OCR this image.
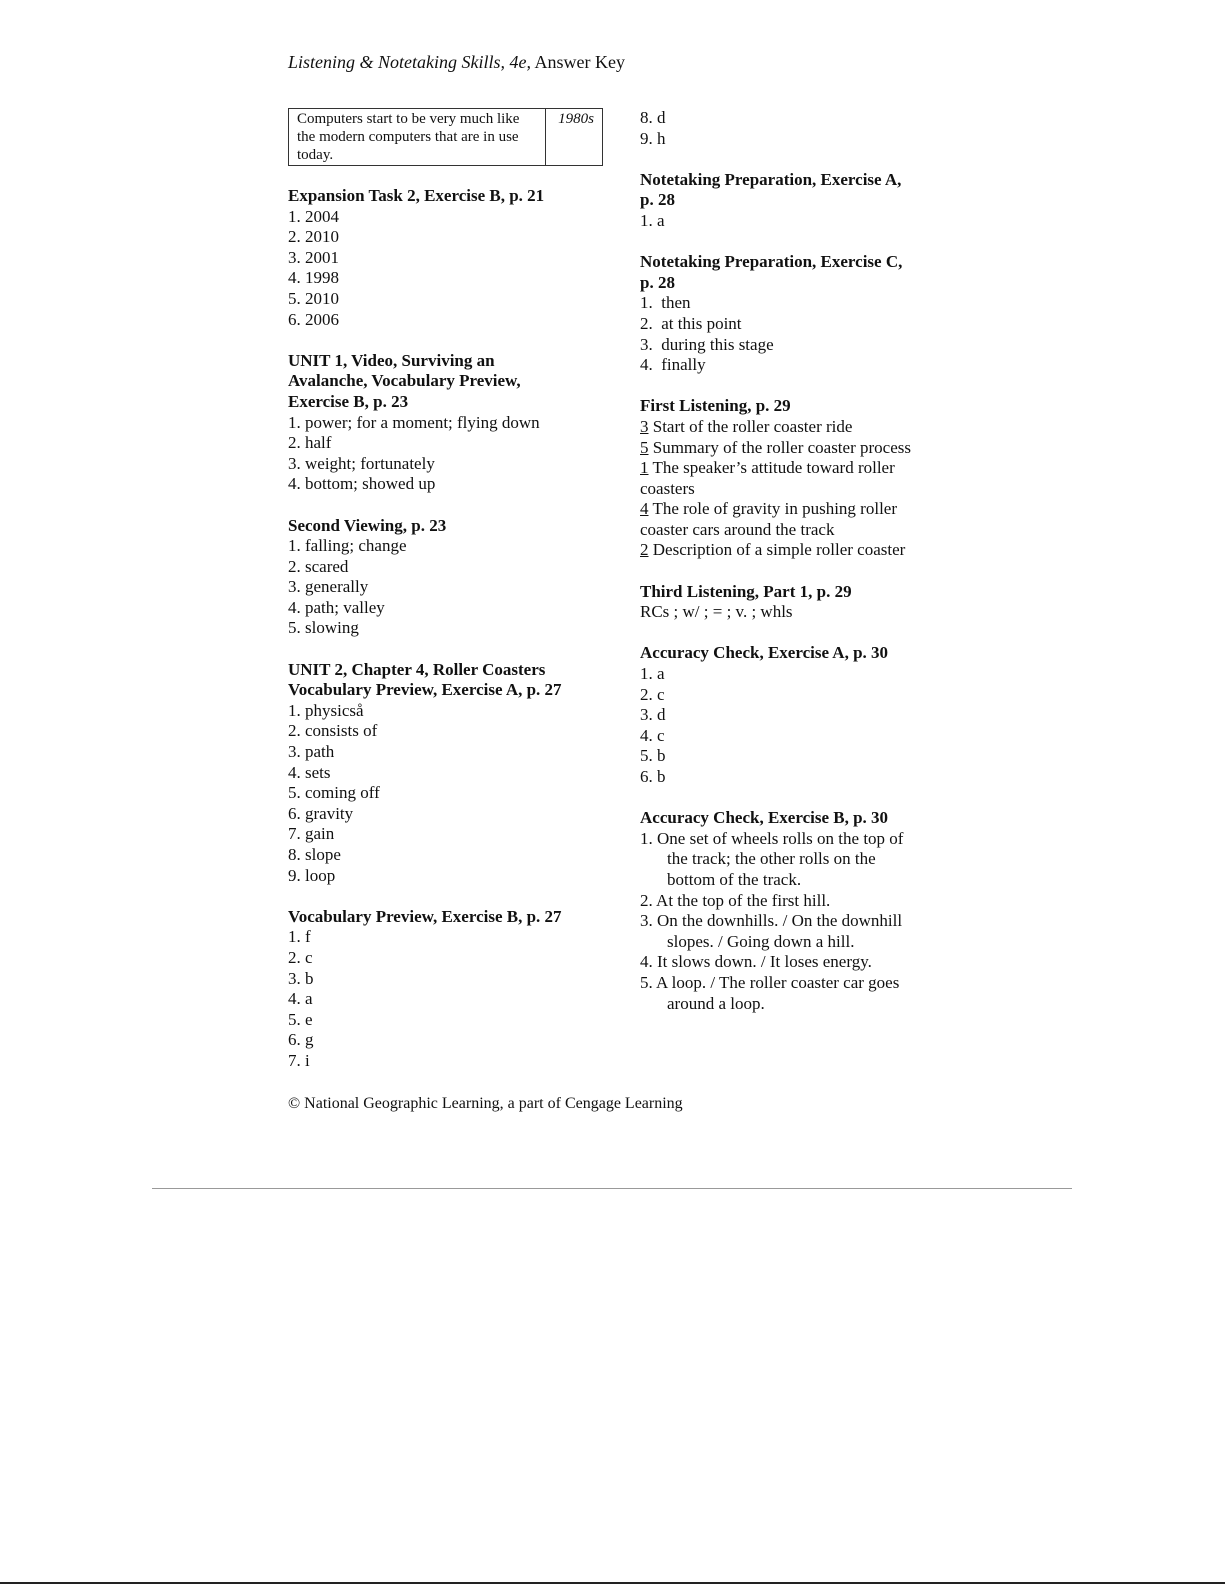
Listening & Notetaking Skills, 4e, Answer Key
Computers start to be very much like the modern computers that are in use today.	1980s
Expansion Task 2, Exercise B, p. 21
1. 2004
2. 2010
3. 2001
4. 1998
5. 2010
6. 2006
UNIT 1, Video, Surviving an
Avalanche, Vocabulary Preview,
Exercise B, p. 23
1. power; for a moment; flying down
2. half
3. weight; fortunately
4. bottom; showed up
Second Viewing, p. 23
1. falling; change
2. scared
3. generally
4. path; valley
5. slowing
UNIT 2, Chapter 4, Roller Coasters
Vocabulary Preview, Exercise A, p. 27
1. physicså
2. consists of
3. path
4. sets
5. coming off
6. gravity
7. gain
8. slope
9. loop
Vocabulary Preview, Exercise B, p. 27
1. f
2. c
3. b
4. a
5. e
6. g
7. i
8. d
9. h
Notetaking Preparation, Exercise A,
p. 28
1. a
Notetaking Preparation, Exercise C,
p. 28
1.  then
2.  at this point
3.  during this stage
4.  finally
First Listening, p. 29
3 Start of the roller coaster ride
5 Summary of the roller coaster process
1 The speaker’s attitude toward roller coasters
4 The role of gravity in pushing roller coaster cars around the track
2 Description of a simple roller coaster
Third Listening, Part 1, p. 29
RCs ; w/ ; = ; v. ; whls
Accuracy Check, Exercise A, p. 30
1. a
2. c
3. d
4. c
5. b
6. b
Accuracy Check, Exercise B, p. 30
1. One set of wheels rolls on the top of the track; the other rolls on the bottom of the track.
2. At the top of the first hill.
3. On the downhills. / On the downhill slopes. / Going down a hill.
4. It slows down. / It loses energy.
5. A loop. / The roller coaster car goes around a loop.
© National Geographic Learning, a part of Cengage Learning
